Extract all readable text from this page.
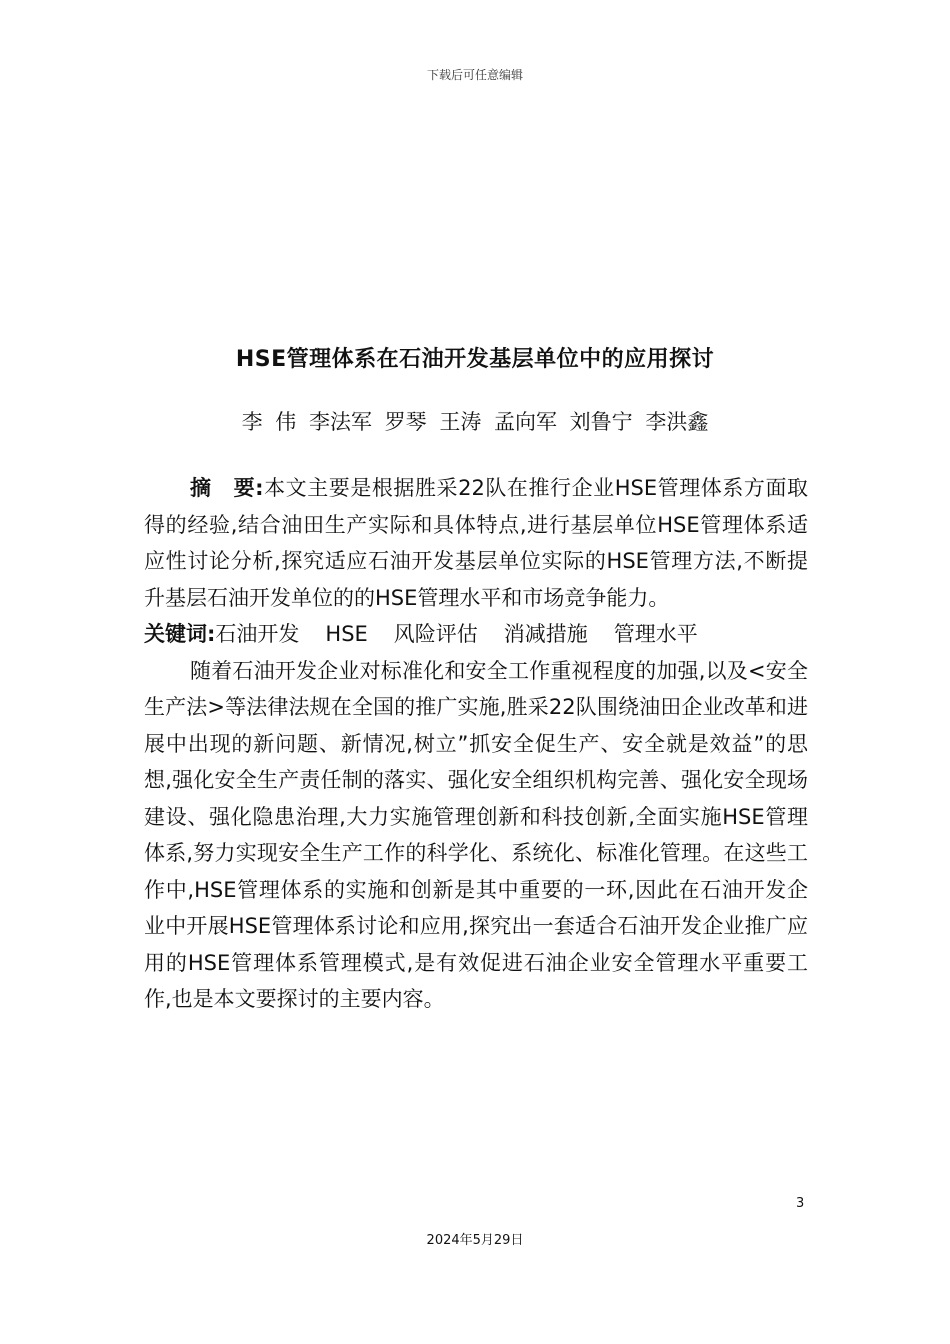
下载后可任意编辑
HSE管理体系在石油开发基层单位中的应用探讨
李 伟 李法军 罗琴 王涛 孟向军 刘鲁宁 李洪鑫

摘要:本文主要是根据胜采22队在推行企业HSE管理体系方面取得的经验,结合油田生产实际和具体特点,进行基层单位HSE管理体系适应性讨论分析,探究适应石油开发基层单位实际的HSE管理方法,不断提升基层石油开发单位的的HSE管理水平和市场竞争能力。

关键词:石油开发 HSE 风险评估 消减措施 管理水平

随着石油开发企业对标准化和安全工作重视程度的加强,以及<安全生产法>等法律法规在全国的推广实施,胜采22队围绕油田企业改革和进展中出现的新问题、新情况,树立”抓安全促生产、安全就是效益”的思想,强化安全生产责任制的落实、强化安全组织机构完善、强化安全现场建设、强化隐患治理,大力实施管理创新和科技创新,全面实施HSE管理体系,努力实现安全生产工作的科学化、系统化、标准化管理。在这些工作中,HSE管理体系的实施和创新是其中重要的一环,因此在石油开发企业中开展HSE管理体系讨论和应用,探究出一套适合石油开发企业推广应用的HSE管理体系管理模式,是有效促进石油企业安全管理水平重要工作,也是本文要探讨的主要内容。

3
2024年5月29日
